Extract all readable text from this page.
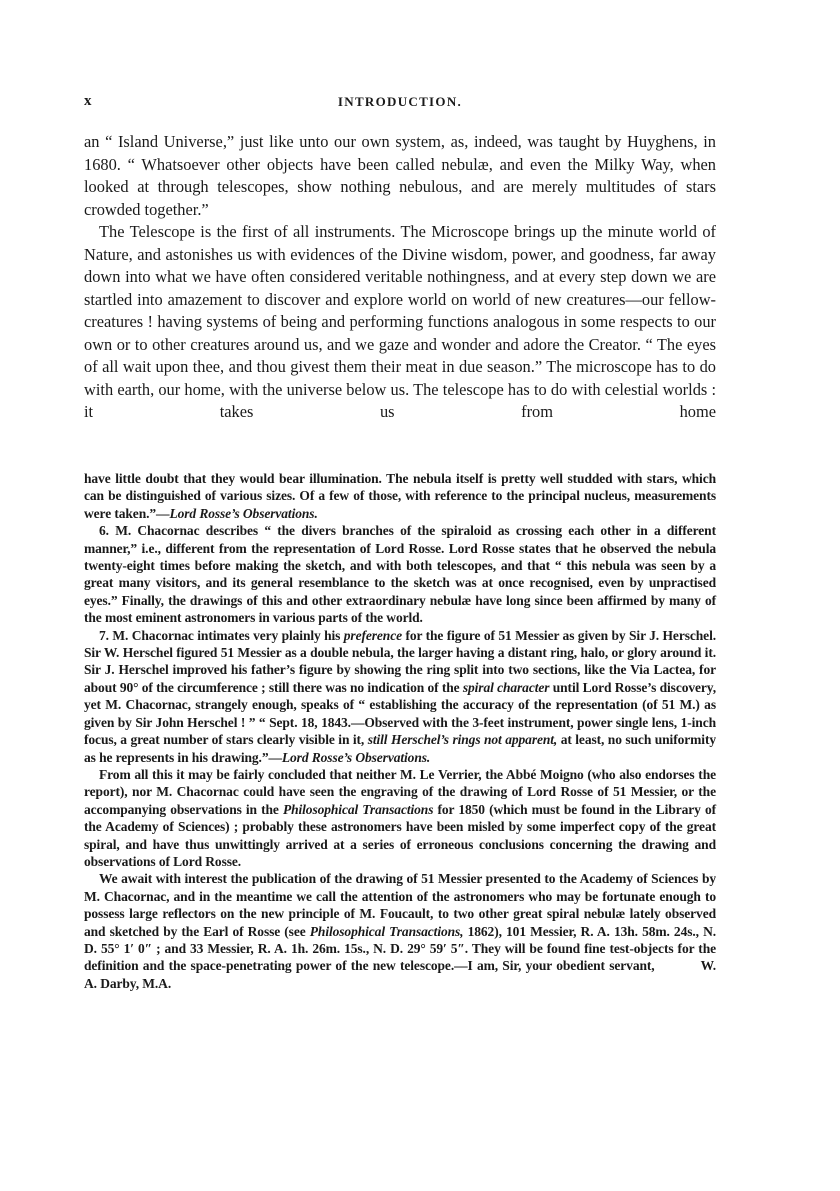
x	INTRODUCTION.

an “ Island Universe,” just like unto our own system, as, indeed, was taught by Huyghens, in 1680. “ Whatsoever other objects have been called nebulæ, and even the Milky Way, when looked at through telescopes, show nothing nebulous, and are merely multitudes of stars crowded together.”

The Telescope is the first of all instruments. The Microscope brings up the minute world of Nature, and astonishes us with evidences of the Divine wisdom, power, and goodness, far away down into what we have often considered veritable nothingness, and at every step down we are startled into amazement to discover and explore world on world of new creatures—our fellow-creatures ! having systems of being and performing functions analogous in some respects to our own or to other creatures around us, and we gaze and wonder and adore the Creator. “ The eyes of all wait upon thee, and thou givest them their meat in due season.” The microscope has to do with earth, our home, with the universe below us. The telescope has to do with celestial worlds : it takes us from home

have little doubt that they would bear illumination. The nebula itself is pretty well studded with stars, which can be distinguished of various sizes. Of a few of those, with reference to the principal nucleus, measurements were taken.”—Lord Rosse’s Observations.

6. M. Chacornac describes “ the divers branches of the spiraloid as crossing each other in a different manner,” i.e., different from the representation of Lord Rosse. Lord Rosse states that he observed the nebula twenty-eight times before making the sketch, and with both telescopes, and that “ this nebula was seen by a great many visitors, and its general resemblance to the sketch was at once recognised, even by unpractised eyes.” Finally, the drawings of this and other extraordinary nebulæ have long since been affirmed by many of the most eminent astronomers in various parts of the world.

7. M. Chacornac intimates very plainly his preference for the figure of 51 Messier as given by Sir J. Herschel. Sir W. Herschel figured 51 Messier as a double nebula, the larger having a distant ring, halo, or glory around it. Sir J. Herschel improved his father’s figure by showing the ring split into two sections, like the Via Lactea, for about 90° of the circumference ; still there was no indication of the spiral character until Lord Rosse’s discovery, yet M. Chacornac, strangely enough, speaks of “ establishing the accuracy of the representation (of 51 M.) as given by Sir John Herschel ! ” “ Sept. 18, 1843.—Observed with the 3-feet instrument, power single lens, 1-inch focus, a great number of stars clearly visible in it, still Herschel’s rings not apparent, at least, no such uniformity as he represents in his drawing.”—Lord Rosse’s Observations.

From all this it may be fairly concluded that neither M. Le Verrier, the Abbé Moigno (who also endorses the report), nor M. Chacornac could have seen the engraving of the drawing of Lord Rosse of 51 Messier, or the accompanying observations in the Philosophical Transactions for 1850 (which must be found in the Library of the Academy of Sciences) ; probably these astronomers have been misled by some imperfect copy of the great spiral, and have thus unwittingly arrived at a series of erroneous conclusions concerning the drawing and observations of Lord Rosse.

We await with interest the publication of the drawing of 51 Messier presented to the Academy of Sciences by M. Chacornac, and in the meantime we call the attention of the astronomers who may be fortunate enough to possess large reflectors on the new principle of M. Foucault, to two other great spiral nebulæ lately observed and sketched by the Earl of Rosse (see Philosophical Transactions, 1862), 101 Messier, R. A. 13h. 58m. 24s., N. D. 55° 1′ 0″ ; and 33 Messier, R. A. 1h. 26m. 15s., N. D. 29° 59′ 5″. They will be found fine test-objects for the definition and the space-penetrating power of the new telescope.—I am, Sir, your obedient servant,	W. A. Darby, M.A.
